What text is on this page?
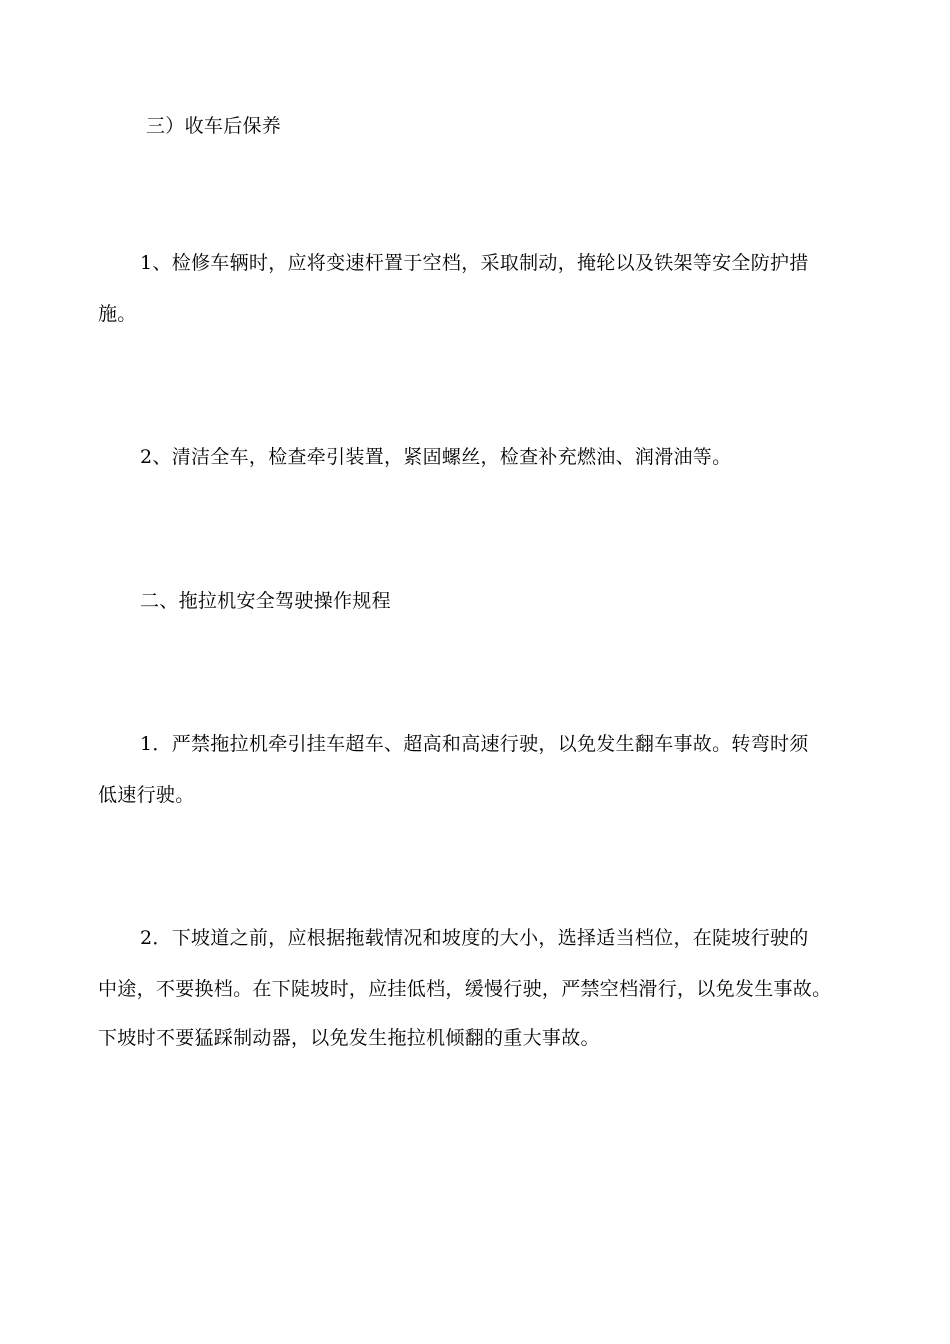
三）收车后保养
1、检修车辆时，应将变速杆置于空档，采取制动，掩轮以及铁架等安全防护措
施。
2、清洁全车，检查牵引装置，紧固螺丝，检查补充燃油、润滑油等。
二、拖拉机安全驾驶操作规程
1．严禁拖拉机牵引挂车超车、超高和高速行驶，以免发生翻车事故。转弯时须
低速行驶。
2．下坡道之前，应根据拖载情况和坡度的大小，选择适当档位，在陡坡行驶的
中途，不要换档。在下陡坡时，应挂低档，缓慢行驶，严禁空档滑行，以免发生事故。
下坡时不要猛踩制动器，以免发生拖拉机倾翻的重大事故。
